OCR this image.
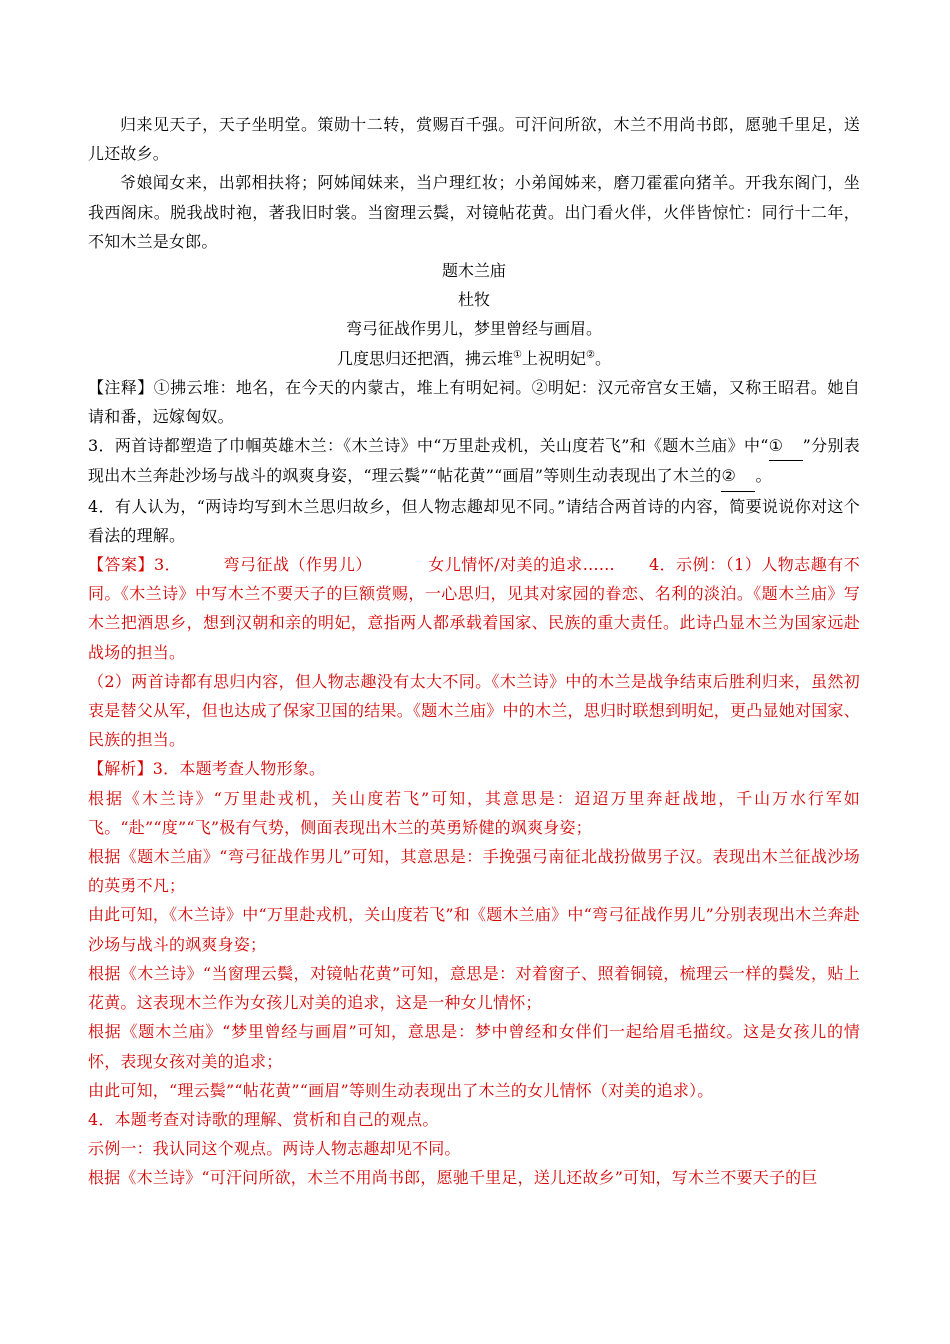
归来见天子，天子坐明堂。策勋十二转，赏赐百千强。可汗问所欲，木兰不用尚书郎，愿驰千里足，送儿还故乡。

爷娘闻女来，出郭相扶将；阿姊闻妹来，当户理红妆；小弟闻姊来，磨刀霍霍向猪羊。开我东阁门，坐我西阁床。脱我战时袍，著我旧时裳。当窗理云鬓，对镜帖花黄。出门看火伴，火伴皆惊忙：同行十二年，不知木兰是女郎。

题木兰庙

杜牧

弯弓征战作男儿，梦里曾经与画眉。

几度思归还把酒，拂云堆①上祝明妃②。

【注释】①拂云堆：地名，在今天的内蒙古，堆上有明妃祠。②明妃：汉元帝宫女王嫱，又称王昭君。她自请和番，远嫁匈奴。

3．两首诗都塑造了巾帼英雄木兰：《木兰诗》中“万里赴戎机，关山度若飞”和《题木兰庙》中“① ”分别表现出木兰奔赴沙场与战斗的飒爽身姿，“理云鬓”“帖花黄”“画眉”等则生动表现出了木兰的② 。

4．有人认为，“两诗均写到木兰思归故乡，但人物志趣却见不同。”请结合两首诗的内容，简要说说你对这个看法的理解。

【答案】3．	弯弓征战（作男儿）	女儿情怀/对美的追求…… 4．示例：（1）人物志趣有不同。《木兰诗》中写木兰不要天子的巨额赏赐，一心思归，见其对家园的眷恋、名利的淡泊。《题木兰庙》写木兰把酒思乡，想到汉朝和亲的明妃，意指两人都承载着国家、民族的重大责任。此诗凸显木兰为国家远赴战场的担当。

（2）两首诗都有思归内容，但人物志趣没有太大不同。《木兰诗》中的木兰是战争结束后胜利归来，虽然初衷是替父从军，但也达成了保家卫国的结果。《题木兰庙》中的木兰，思归时联想到明妃，更凸显她对国家、民族的担当。

【解析】3．本题考查人物形象。

根据《木兰诗》“万里赴戎机，关山度若飞”可知，其意思是：迢迢万里奔赶战地，千山万水行军如飞。“赴”“度”“飞”极有气势，侧面表现出木兰的英勇矫健的飒爽身姿；

根据《题木兰庙》“弯弓征战作男儿”可知，其意思是：手挽强弓南征北战扮做男子汉。表现出木兰征战沙场的英勇不凡；

由此可知，《木兰诗》中“万里赴戎机，关山度若飞”和《题木兰庙》中“弯弓征战作男儿”分别表现出木兰奔赴沙场与战斗的飒爽身姿；

根据《木兰诗》“当窗理云鬓，对镜帖花黄”可知，意思是：对着窗子、照着铜镜，梳理云一样的鬓发，贴上花黄。这表现木兰作为女孩儿对美的追求，这是一种女儿情怀；

根据《题木兰庙》“梦里曾经与画眉”可知，意思是：梦中曾经和女伴们一起给眉毛描纹。这是女孩儿的情怀，表现女孩对美的追求；

由此可知，“理云鬓”“帖花黄”“画眉”等则生动表现出了木兰的女儿情怀（对美的追求）。

4．本题考查对诗歌的理解、赏析和自己的观点。

示例一：我认同这个观点。两诗人物志趣却见不同。

根据《木兰诗》“可汗问所欲，木兰不用尚书郎，愿驰千里足，送儿还故乡”可知，写木兰不要天子的巨
